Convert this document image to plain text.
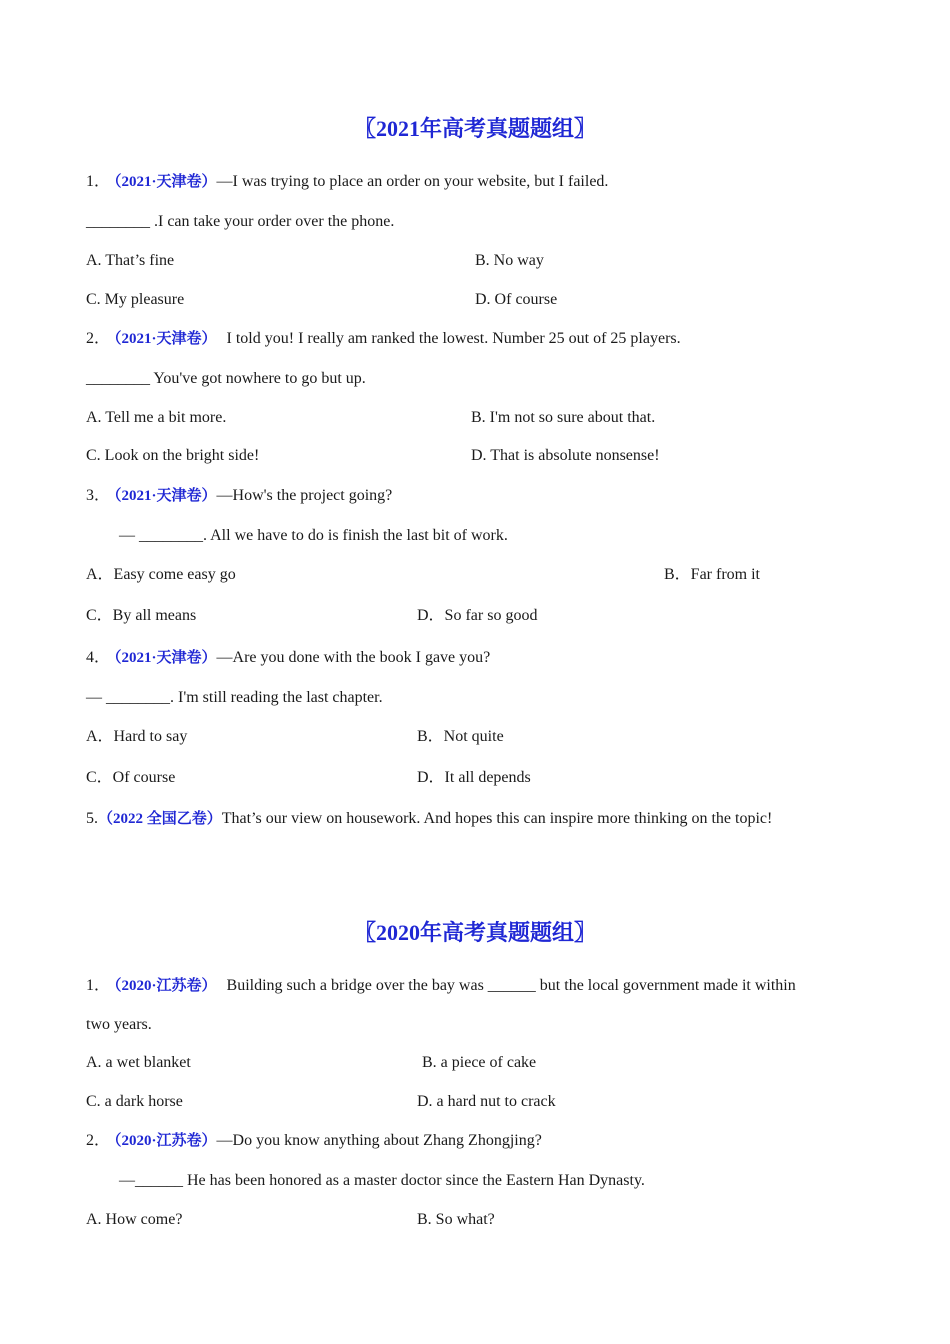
〖2021年高考真题题组〗
1． （2021·天津卷）—I was trying to place an order on your website, but I failed.
________ .I can take your order over the phone.
A. That’s fine	B. No way
C. My pleasure	D. Of course
2． （2021·天津卷） I told you! I really am ranked the lowest. Number 25 out of 25 players.
________ You've got nowhere to go but up.
A. Tell me a bit more.	B. I'm not so sure about that.
C. Look on the bright side!	D. That is absolute nonsense!
3． （2021·天津卷）—How's the project going?
— ________. All we have to do is finish the last bit of work.
A．Easy come easy go	B．Far from it
C．By all means	D．So far so good
4． （2021·天津卷）—Are you done with the book I gave you?
— ________. I'm still reading the last chapter.
A．Hard to say	B．Not quite
C．Of course	D．It all depends
5.（2022 全国乙卷）That’s our view on housework. And hopes this can inspire more thinking on the topic!
〖2020年高考真题题组〗
1． （2020·江苏卷） Building such a bridge over the bay was ______ but the local government made it within
two years.
A. a wet blanket	B. a piece of cake
C. a dark horse	D. a hard nut to crack
2． （2020·江苏卷）—Do you know anything about Zhang Zhongjing?
—______ He has been honored as a master doctor since the Eastern Han Dynasty.
A. How come?	B. So what?
